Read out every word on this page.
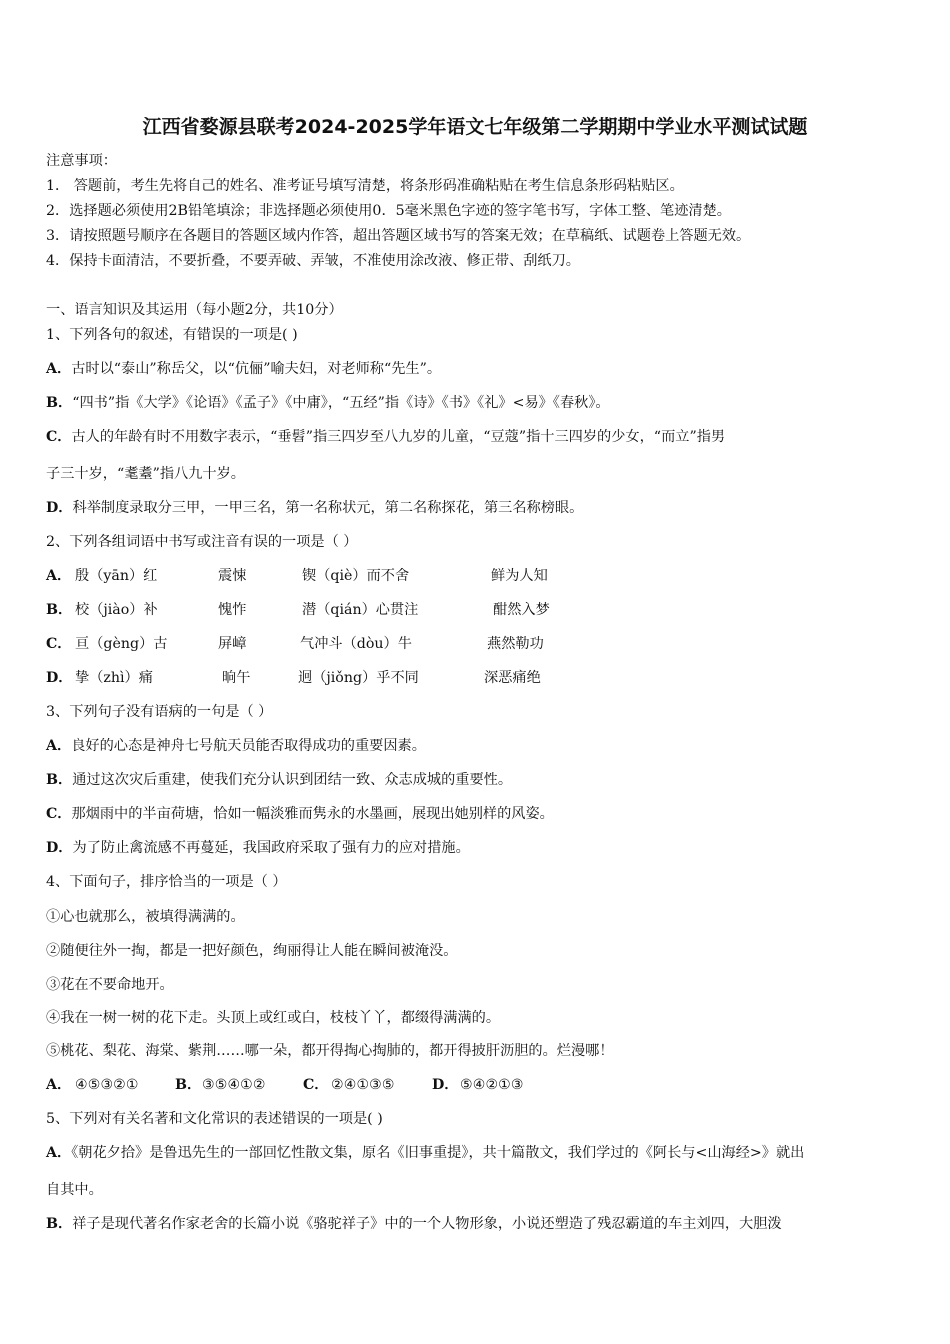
江西省婺源县联考2024-2025学年语文七年级第二学期期中学业水平测试试题
注意事项：
1． 答题前，考生先将自己的姓名、准考证号填写清楚，将条形码准确粘贴在考生信息条形码粘贴区。
2．选择题必须使用2B铅笔填涂；非选择题必须使用0．5毫米黑色字迹的签字笔书写，字体工整、笔迹清楚。
3．请按照题号顺序在各题目的答题区域内作答，超出答题区域书写的答案无效；在草稿纸、试题卷上答题无效。
4．保持卡面清洁，不要折叠，不要弄破、弄皱，不准使用涂改液、修正带、刮纸刀。
一、语言知识及其运用（每小题2分，共10分）
1、下列各句的叙述，有错误的一项是( )
A．古时以“泰山”称岳父，以“伉俪”喻夫妇，对老师称“先生”。
B．“四书”指《大学》《论语》《孟子》《中庸》，“五经”指《诗》《书》《礼》<易》《春秋》。
C．古人的年龄有时不用数字表示，“垂髫”指三四岁至八九岁的儿童，“豆蔻”指十三四岁的少女，“而立”指男
子三十岁，“耄耋”指八九十岁。
D．科举制度录取分三甲，一甲三名，第一名称状元，第二名称探花，第三名称榜眼。
2、下列各组词语中书写或注音有误的一项是（ ）
A． 殷（yān）红	震悚	锲（qiè）而不舍	鲜为人知
B． 校（jiào）补	愧怍	潜（qián）心贯注	酣然入梦
C． 亘（gèng）古	屏嶂	气冲斗（dòu）牛	燕然勒功
D． 挚（zhì）痛	晌午	迥（jiǒng）乎不同	深恶痛绝
3、下列句子没有语病的一句是（ ）
A．良好的心态是神舟七号航天员能否取得成功的重要因素。
B．通过这次灾后重建，使我们充分认识到团结一致、众志成城的重要性。
C．那烟雨中的半亩荷塘，恰如一幅淡雅而隽永的水墨画，展现出她别样的风姿。
D．为了防止禽流感不再蔓延，我国政府采取了强有力的应对措施。
4、下面句子，排序恰当的一项是（ ）
①心也就那么，被填得满满的。
②随便往外一掏，都是一把好颜色，绚丽得让人能在瞬间被淹没。
③花在不要命地开。
④我在一树一树的花下走。头顶上或红或白，枝枝丫丫，都缀得满满的。
⑤桃花、梨花、海棠、紫荆……哪一朵，都开得掏心掏肺的，都开得披肝沥胆的。烂漫哪！
A． ④⑤③②①	B． ③⑤④①②	C． ②④①③⑤	D． ⑤④②①③
5、下列对有关名著和文化常识的表述错误的一项是( )
A．《朝花夕拾》是鲁迅先生的一部回忆性散文集，原名《旧事重提》，共十篇散文，我们学过的《阿长与<山海经>》就出
自其中。
B．祥子是现代著名作家老舍的长篇小说《骆驼祥子》中的一个人物形象，小说还塑造了残忍霸道的车主刘四，大胆泼
